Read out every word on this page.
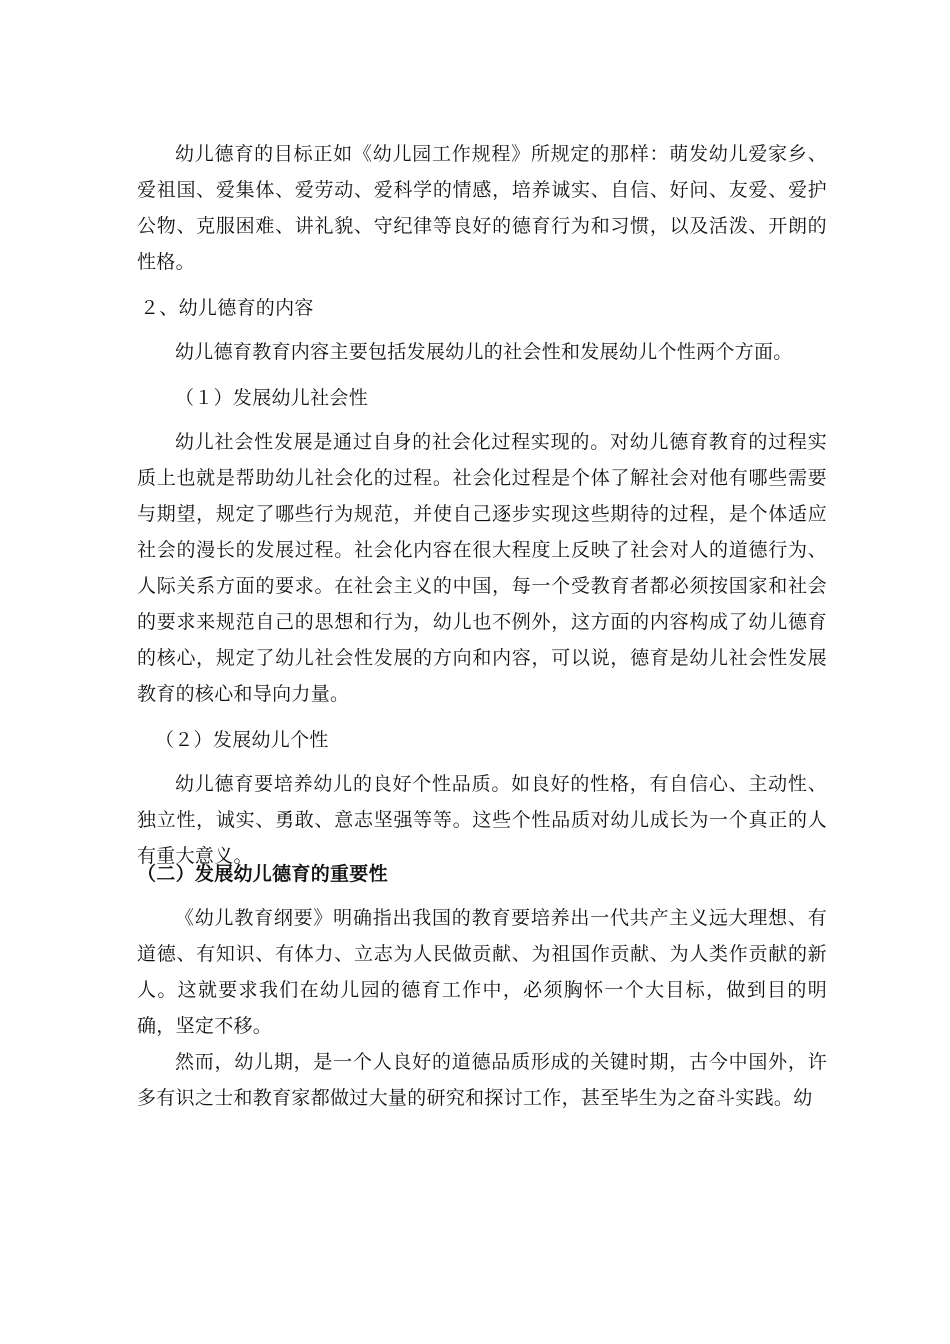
幼儿德育的目标正如《幼儿园工作规程》所规定的那样：萌发幼儿爱家乡、爱祖国、爱集体、爱劳动、爱科学的情感，培养诚实、自信、好问、友爱、爱护公物、克服困难、讲礼貌、守纪律等良好的德育行为和习惯，以及活泼、开朗的性格。

２、幼儿德育的内容

幼儿德育教育内容主要包括发展幼儿的社会性和发展幼儿个性两个方面。

（１）发展幼儿社会性

幼儿社会性发展是通过自身的社会化过程实现的。对幼儿德育教育的过程实质上也就是帮助幼儿社会化的过程。社会化过程是个体了解社会对他有哪些需要与期望，规定了哪些行为规范，并使自己逐步实现这些期待的过程，是个体适应社会的漫长的发展过程。社会化内容在很大程度上反映了社会对人的道德行为、人际关系方面的要求。在社会主义的中国，每一个受教育者都必须按国家和社会的要求来规范自己的思想和行为，幼儿也不例外，这方面的内容构成了幼儿德育的核心，规定了幼儿社会性发展的方向和内容，可以说，德育是幼儿社会性发展教育的核心和导向力量。

（２）发展幼儿个性

幼儿德育要培养幼儿的良好个性品质。如良好的性格，有自信心、主动性、独立性，诚实、勇敢、意志坚强等等。这些个性品质对幼儿成长为一个真正的人有重大意义。

（二）发展幼儿德育的重要性

《幼儿教育纲要》明确指出我国的教育要培养出一代共产主义远大理想、有道德、有知识、有体力、立志为人民做贡献、为祖国作贡献、为人类作贡献的新人。这就要求我们在幼儿园的德育工作中，必须胸怀一个大目标，做到目的明确，坚定不移。

然而，幼儿期，是一个人良好的道德品质形成的关键时期，古今中国外，许多有识之士和教育家都做过大量的研究和探讨工作，甚至毕生为之奋斗实践。幼
